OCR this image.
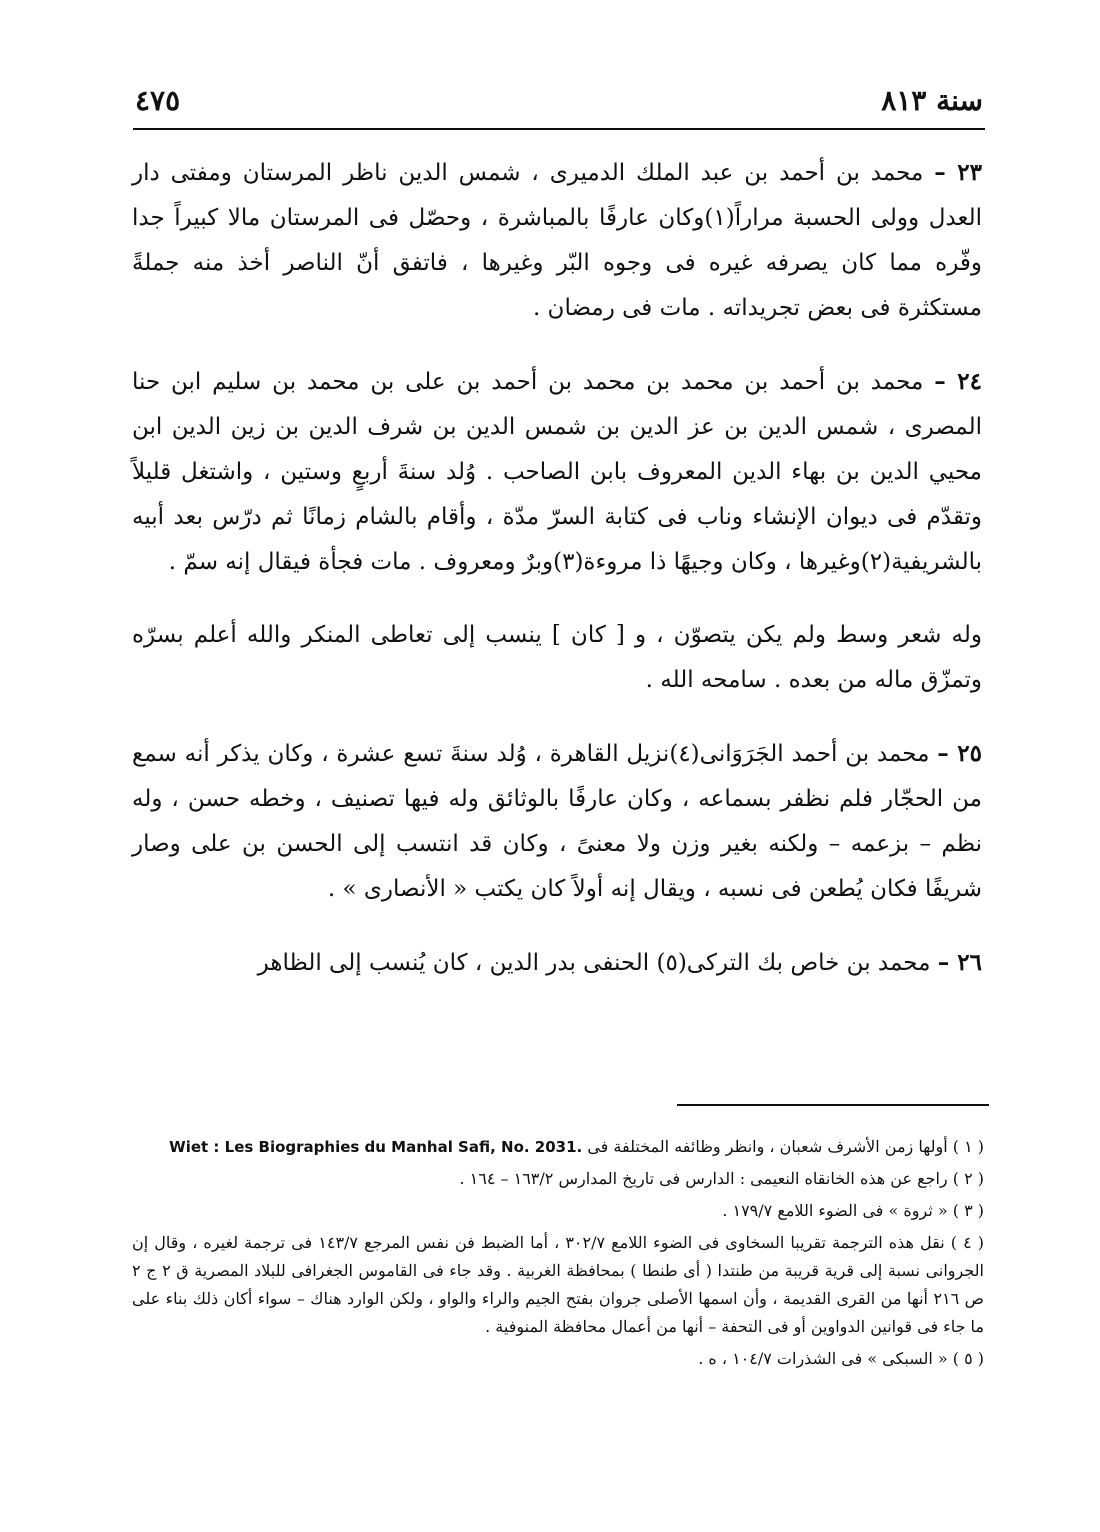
سنة ٨١٣
٤٧٥

٢٣ – محمد بن أحمد بن عبد الملك الدميرى ، شمس الدين ناظر المرستان ومفتى دار العدل وولى الحسبة مراراً(١)وكان عارفًا بالمباشرة ، وحصّل فى المرستان مالا كبيراً جدا وفّره مما كان يصرفه غيره فى وجوه البّر وغيرها ، فاتفق أنّ الناصر أخذ منه جملةً مستكثرة فى بعض تجريداته . مات فى رمضان .

٢٤ – محمد بن أحمد بن محمد بن محمد بن أحمد بن على بن محمد بن سليم ابن حنا المصرى ، شمس الدين بن عز الدين بن شمس الدين بن شرف الدين بن زين الدين ابن محيي الدين بن بهاء الدين المعروف بابن الصاحب . وُلد سنةَ أربعٍ وستين ، واشتغل قليلاً وتقدّم فى ديوان الإنشاء وناب فى كتابة السرّ مدّة ، وأقام بالشام زمانًا ثم درّس بعد أبيه بالشريفية(٢)وغيرها ، وكان وجيهًا ذا مروءة(٣)وبرٌ ومعروف . مات فجأة فيقال إنه سمّ .

وله شعر وسط ولم يكن يتصوّن ، و [ كان ] ينسب إلى تعاطى المنكر والله أعلم بسرّه وتمزّق ماله من بعده . سامحه الله .

٢٥ – محمد بن أحمد الجَرَوَانى(٤)نزيل القاهرة ، وُلد سنةَ تسع عشرة ، وكان يذكر أنه سمع من الحجّار فلم نظفر بسماعه ، وكان عارفًا بالوثائق وله فيها تصنيف ، وخطه حسن ، وله نظم – بزعمه – ولكنه بغير وزن ولا معنىً ، وكان قد انتسب إلى الحسن بن على وصار شريفًا فكان يُطعن فى نسبه ، ويقال إنه أولاً كان يكتب « الأنصارى » .

٢٦ – محمد بن خاص بك التركى(٥) الحنفى بدر الدين ، كان يُنسب إلى الظاهر

( ١ ) أولها زمن الأشرف شعبان ، وانظر وظائفه المختلفة فى Wiet : Les Biographies du Manhal Safi, No. 2031.

( ٢ ) راجع عن هذه الخانقاه النعيمى : الدارس فى تاريخ المدارس ١٦٣/٢ – ١٦٤ .

( ٣ ) « ثروة » فى الضوء اللامع ١٧٩/٧ .

( ٤ ) نقل هذه الترجمة تقريبا السخاوى فى الضوء اللامع ٣٠٢/٧ ، أما الضبط فن نفس المرجع ١٤٣/٧ فى ترجمة لغيره ، وقال إن الجروانى نسبة إلى قرية قريبة من طنتدا ( أى طنطا ) بمحافظة الغربية . وقد جاء فى القاموس الجغرافى للبلاد المصرية ق ٢ ج ٢ ص ٢١٦ أنها من القرى القديمة ، وأن اسمها الأصلى جروان بفتح الجيم والراء والواو ، ولكن الوارد هناك – سواء أكان ذلك بناء على ما جاء فى قوانين الدواوين أو فى التحفة – أنها من أعمال محافظة المنوفية .

( ٥ ) « السبكى » فى الشذرات ١٠٤/٧ ، ه .
